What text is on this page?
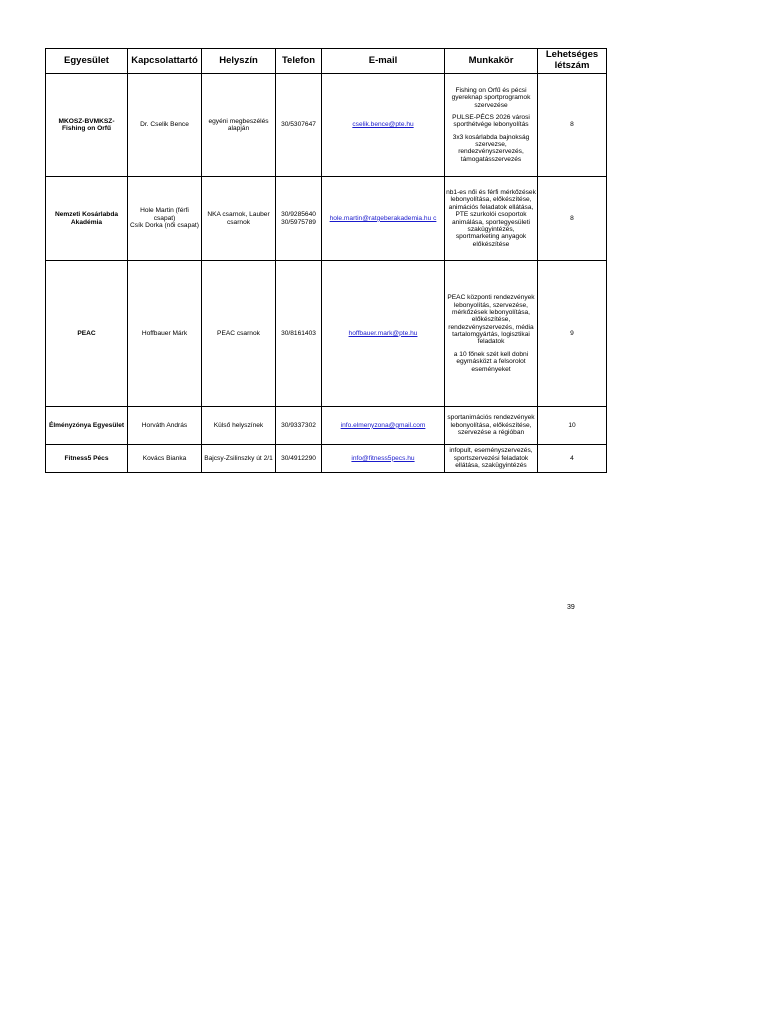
Egyesület	Kapcsolattartó	Helyszín	Telefon	E-mail	Munkakör	Lehetséges létszám
MKOSZ-BVMKSZ-Fishing on Orfű	Dr. Cselik Bence	egyéni megbeszélés alapján	30/5307647	cselik.bence@pte.hu	Fishing on Orfű és pécsi gyereknap sportprogramok szervezése

PULSE-PÉCS 2026 városi sporthétvége lebonyolítás

3x3 kosárlabda bajnokság szervezse, rendezvényszervezés, támogatásszervezés	8
Nemzeti Kosárlabda Akadémia	Hole Martin (férfi csapat)
Csík Dorka (női csapat)	NKA csarnok, Lauber csarnok	30/9285640
30/5975789	hole.martin@ratgeberakademia.hu c	nb1-es női és férfi mérkőzések lebonyolítása, előkészítése, animációs feladatok ellátása, PTE szurkolói csoportok animálása, sportegyesületi szakügyintézés, sportmarketing anyagok előkészítése	8
PEAC	Hoffbauer Márk	PEAC csarnok	30/8161403	hoffbauer.mark@pte.hu	PEAC központi rendezvények lebonyolítás, szervezése, mérkőzések lebonyolítása, előkészítése, rendezvényszervezés, média tartalomgyártás, logisztikai feladatok

a 10 főnek szét kell dobni egymásközt a felsorolot eseményeket	9
Élményzónya Egyesület	Horváth András	Külső helyszínek	30/9337302	info.elmenyzona@gmail.com	sportanimációs rendezvények lebonyolítása, előkészítése, szervezése a régióban	10
Fitness5 Pécs	Kovács Bianka	Bajcsy-Zsilinszky út 2/1	30/4912290	info@fitness5pecs.hu	infopult, eseményszervezés, sportszervezési feladatok ellátása, szakügyintézés	4
39
